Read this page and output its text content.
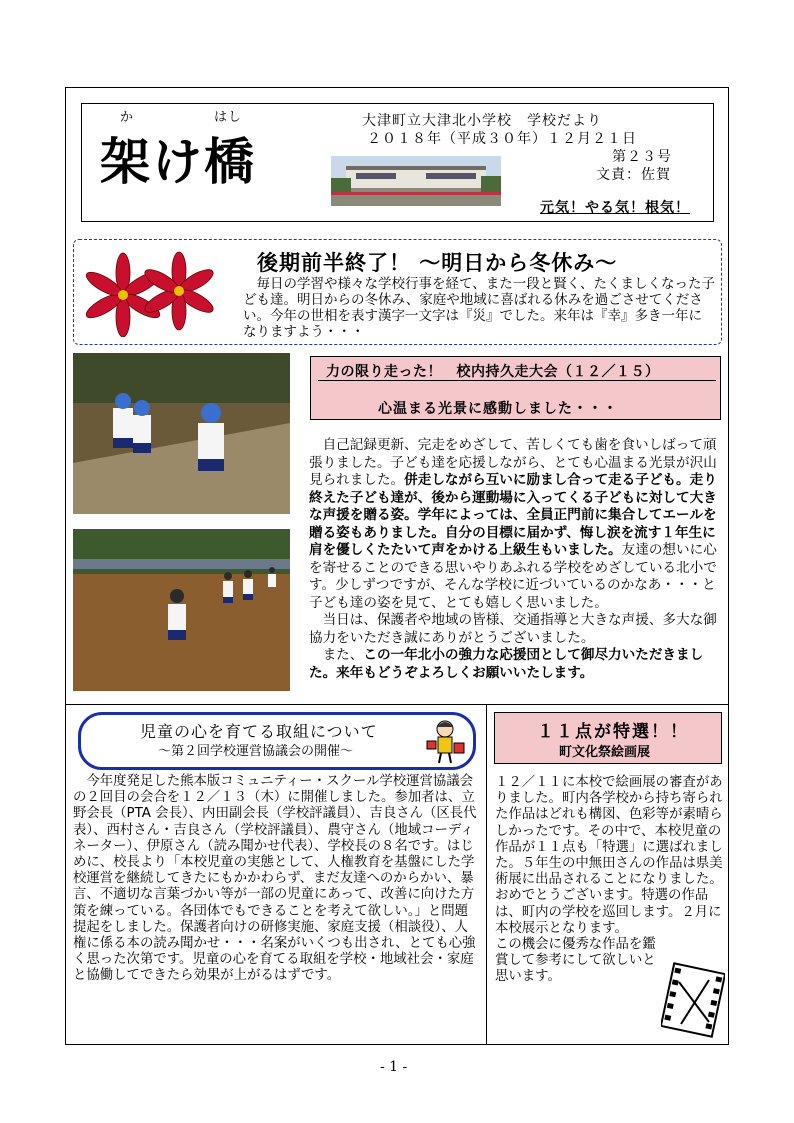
か	はし
架け橋
大津町立大津北小学校　学校だより
２０１８年（平成３０年）１２月２１日
第２３号
文責：佐賀
元気！やる気！根気！
後期前半終了！ ～明日から冬休み～
　毎日の学習や様々な学校行事を経て、また一段と賢く、たくましくなった子ども達。明日からの冬休み、家庭や地域に喜ばれる休みを過ごさせてください。今年の世相を表す漢字一文字は『災』でした。来年は『幸』多き一年になりますよう・・・
力の限り走った！　校内持久走大会（１２／１５）
心温まる光景に感動しました・・・
　自己記録更新、完走をめざして、苦しくても歯を食いしばって頑張りました。子ども達を応援しながら、とても心温まる光景が沢山見られました。併走しながら互いに励まし合って走る子ども。走り終えた子ども達が、後から運動場に入ってくる子どもに対して大きな声援を贈る姿。学年によっては、全員正門前に集合してエールを贈る姿もありました。自分の目標に届かず、悔し涙を流す１年生に肩を優しくたたいて声をかける上級生もいました。友達の想いに心を寄せることのできる思いやりあふれる学校をめざしている北小です。少しずつですが、そんな学校に近づいているのかなあ・・・と子ども達の姿を見て、とても嬉しく思いました。
　当日は、保護者や地域の皆様、交通指導と大きな声援、多大な御協力をいただき誠にありがとうございました。
　また、この一年北小の強力な応援団として御尽力いただきました。来年もどうぞよろしくお願いいたします。
児童の心を育てる取組について
～第２回学校運営協議会の開催～
　今年度発足した熊本版コミュニティー・スクール学校運営協議会の２回目の会合を１２／１３（木）に開催しました。参加者は、立野会長（PTA 会長）、内田副会長（学校評議員）、吉良さん（区長代表）、西村さん・吉良さん（学校評議員）、農守さん（地域コーディネーター）、伊原さん（読み聞かせ代表）、学校長の８名です。はじめに、校長より「本校児童の実態として、人権教育を基盤にした学校運営を継続してきたにもかかわらず、まだ友達へのからかい、暴言、不適切な言葉づかい等が一部の児童にあって、改善に向けた方策を練っている。各団体でもできることを考えて欲しい。」と問題提起をしました。保護者向けの研修実施、家庭支援（相談役）、人権に係る本の読み聞かせ・・・名案がいくつも出され、とても心強く思った次第です。児童の心を育てる取組を学校・地域社会・家庭と協働してできたら効果が上がるはずです。
１１点が特選！！
町文化祭絵画展
１２／１１に本校で絵画展の審査がありました。町内各学校から持ち寄られた作品はどれも構図、色彩等が素晴らしかったです。その中で、本校児童の作品が１１点も「特選」に選ばれました。５年生の中無田さんの作品は県美術展に出品されることになりました。おめでとうございます。特選の作品は、町内の学校を巡回します。２月に本校展示となります。
この機会に優秀な作品を鑑賞して参考にして欲しいと思います。
- 1 -
